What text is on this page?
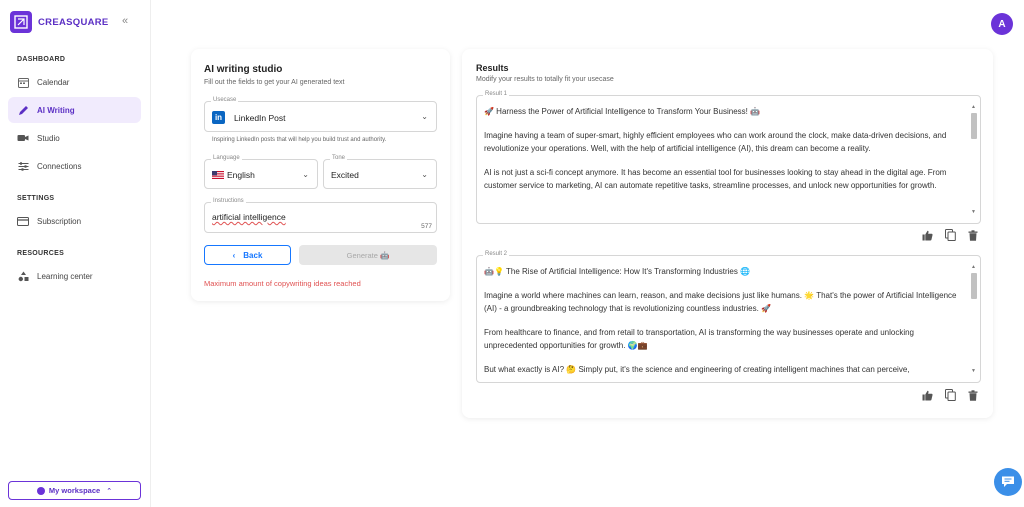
CREASQUARE «
DASHBOARD
Calendar
AI Writing
Studio
Connections
SETTINGS
Subscription
RESOURCES
Learning center
My workspace ⌃
A
AI writing studio
Fill out the fields to get your AI generated text
Usecase
in	LinkedIn Post	⌄
Inspiring LinkedIn posts that will help you build trust and authority.
Language
English	⌄
Tone
Excited	⌄
Instructions
artificial intelligence
577
‹ Back	Generate 🤖
Maximum amount of copywriting ideas reached
Results
Modify your results to totally fit your usecase
Result 1

🚀 Harness the Power of Artificial Intelligence to Transform Your Business! 🤖

Imagine having a team of super-smart, highly efficient employees who can work around the clock, make data-driven decisions, and revolutionize your operations. Well, with the help of artificial intelligence (AI), this dream can become a reality.

AI is not just a sci-fi concept anymore. It has become an essential tool for businesses looking to stay ahead in the digital age. From customer service to marketing, AI can automate repetitive tasks, streamline processes, and unlock new opportunities for growth.

▲
▼
Result 2

🤖💡 The Rise of Artificial Intelligence: How It's Transforming Industries 🌐

Imagine a world where machines can learn, reason, and make decisions just like humans. 🌟 That's the power of Artificial Intelligence (AI) - a groundbreaking technology that is revolutionizing countless industries. 🚀

From healthcare to finance, and from retail to transportation, AI is transforming the way businesses operate and unlocking unprecedented opportunities for growth. 🌍💼

But what exactly is AI? 🤔 Simply put, it's the science and engineering of creating intelligent machines that can perceive,

▲
▼
